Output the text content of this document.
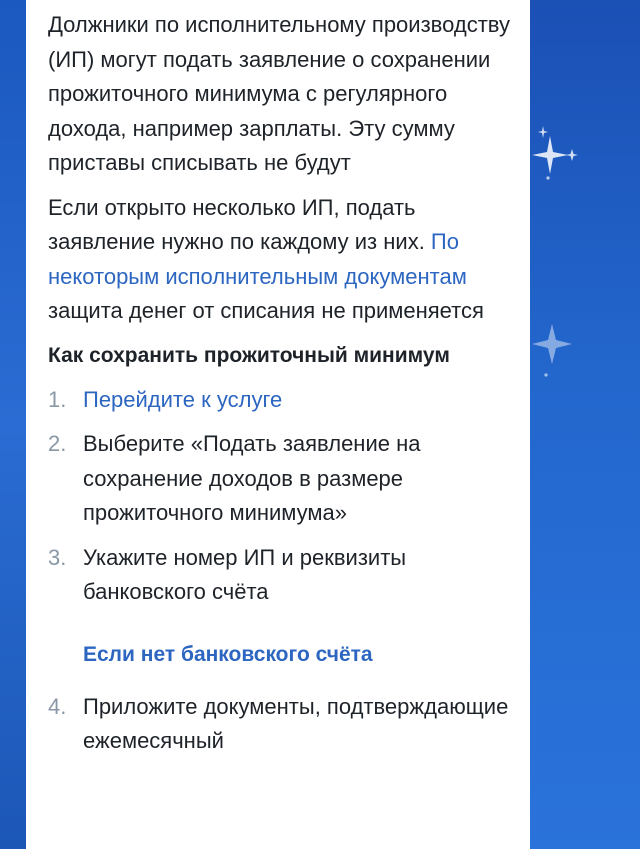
Должники по исполнительному производству (ИП) могут подать заявление о сохранении прожиточного минимума с регулярного дохода, например зарплаты. Эту сумму приставы списывать не будут

Если открыто несколько ИП, подать заявление нужно по каждому из них. По некоторым исполнительным документам защита денег от списания не применяется

Как сохранить прожиточный минимум
1. Перейдите к услуге
2. Выберите «Подать заявление на сохранение доходов в размере прожиточного минимума»
3. Укажите номер ИП и реквизиты банковского счёта
Если нет банковского счёта
4. Приложите документы, подтверждающие ежемесячный
